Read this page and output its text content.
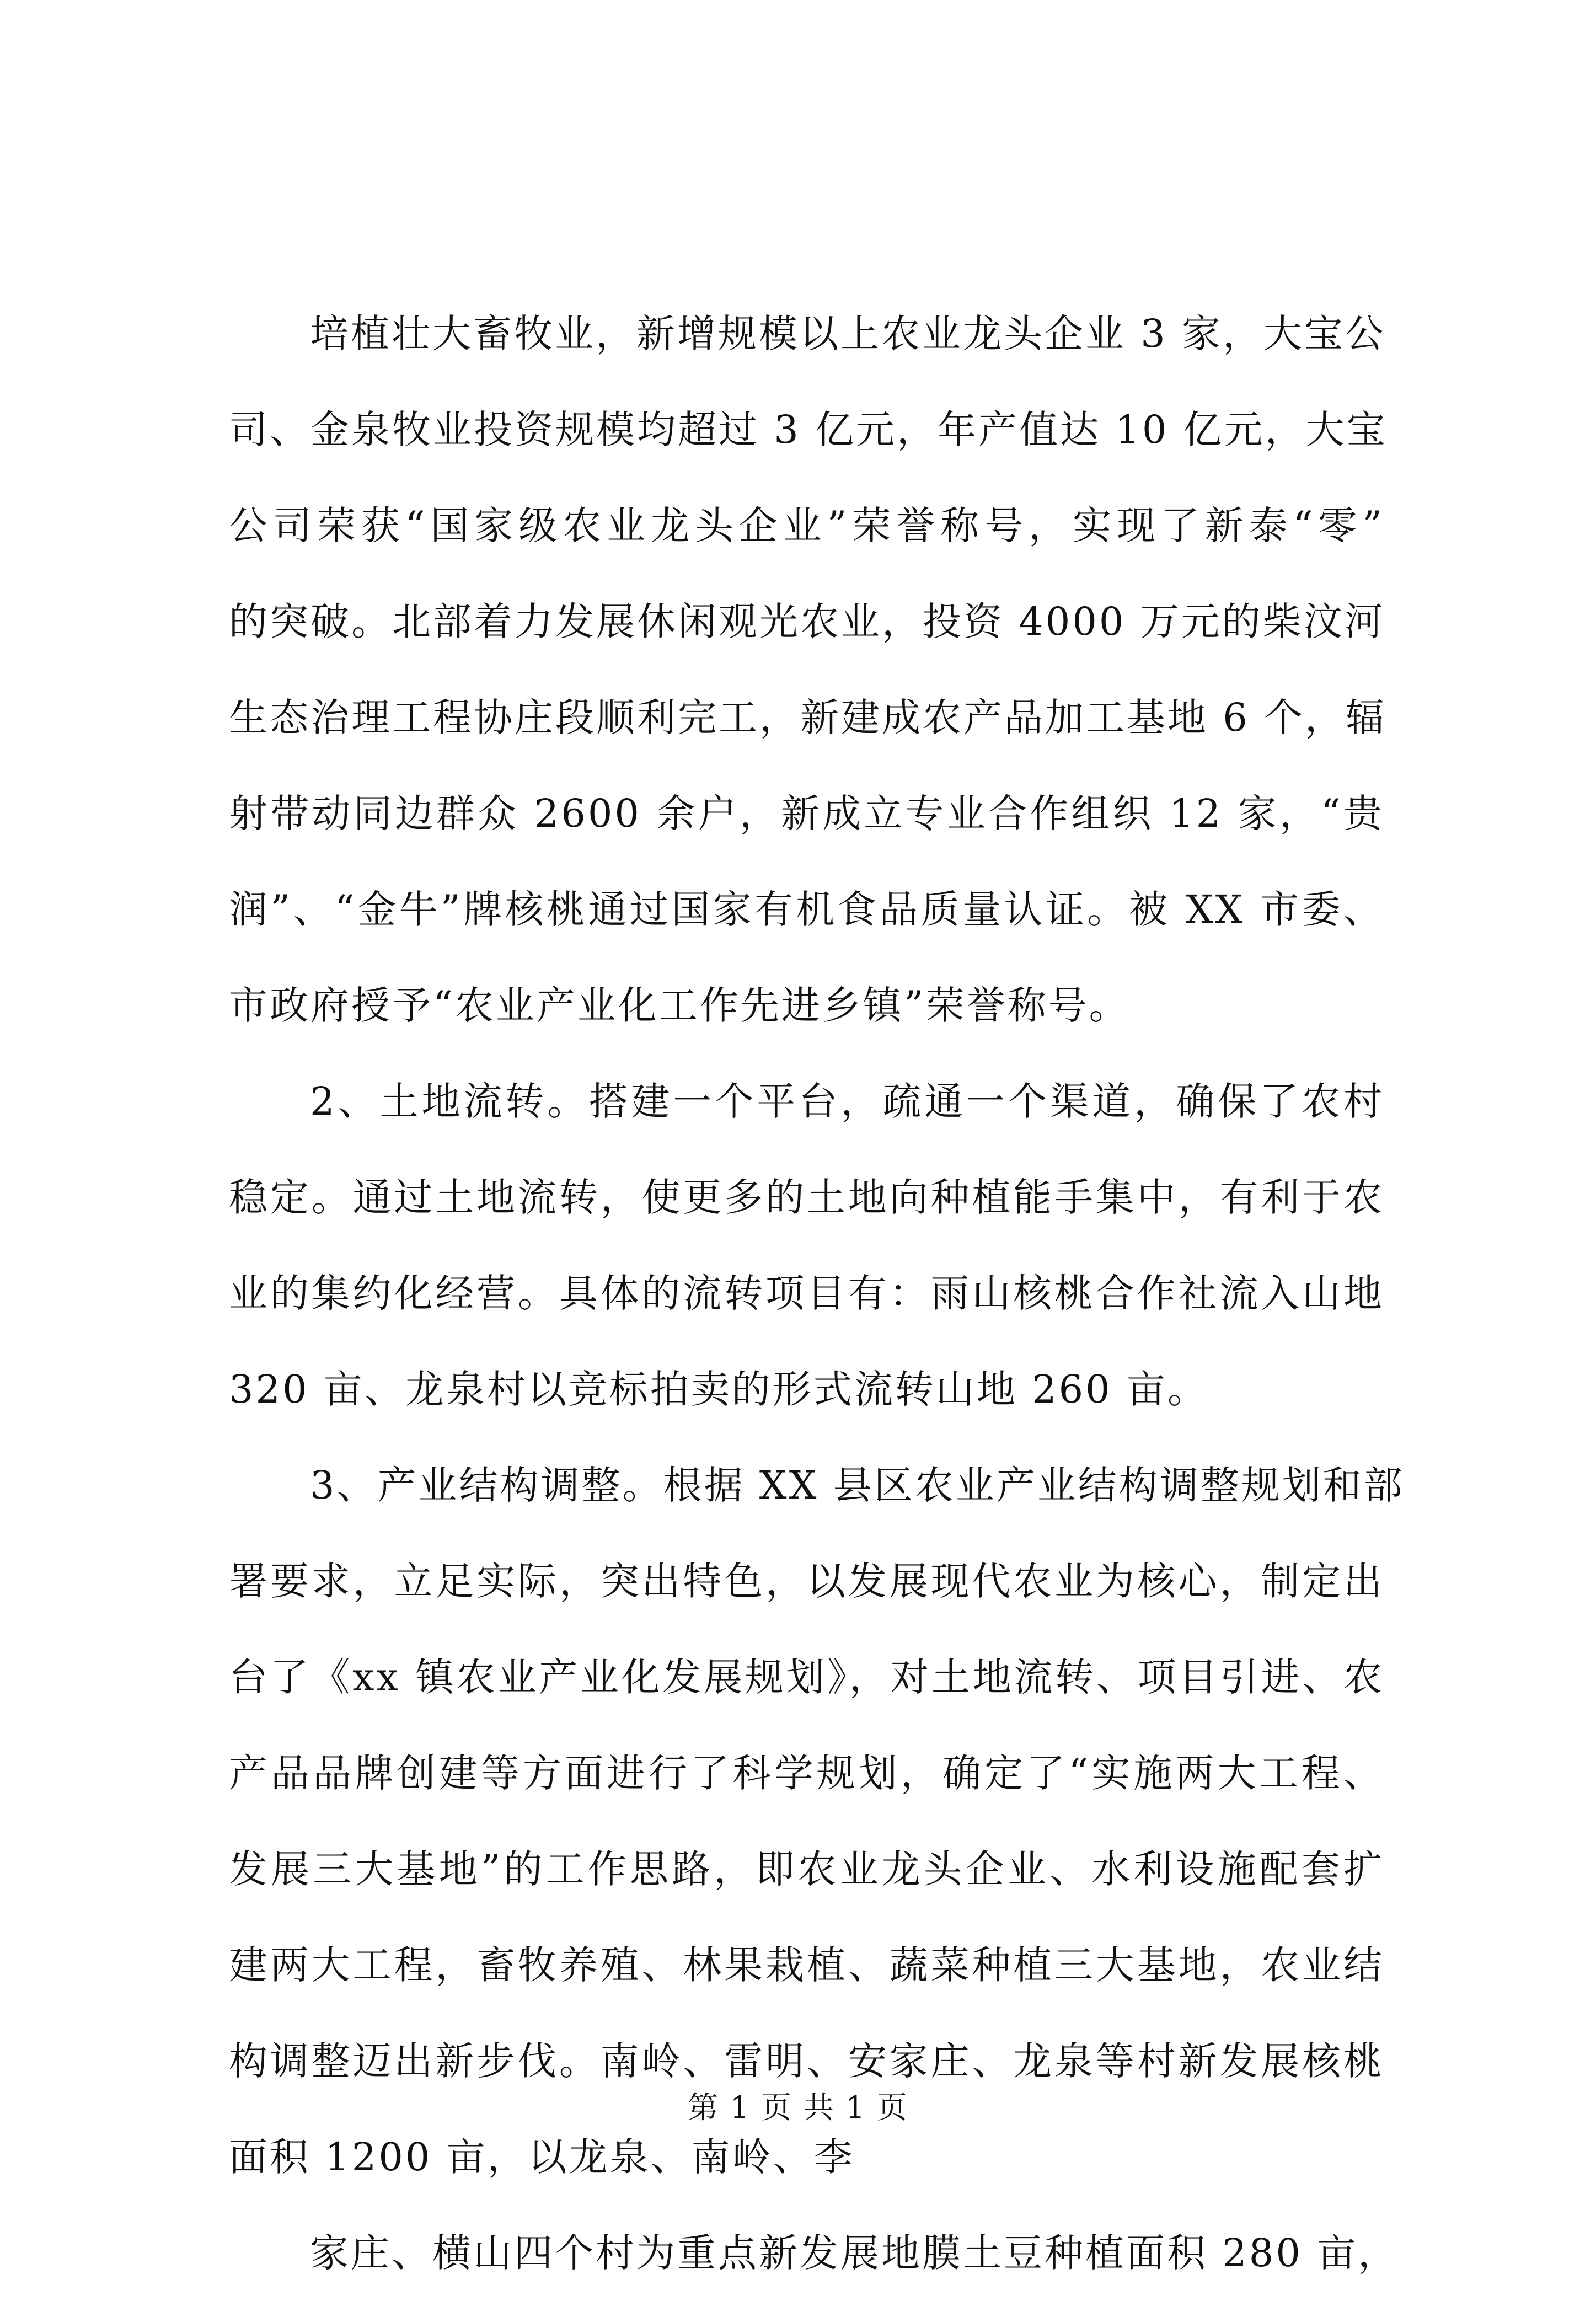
培植壮大畜牧业，新增规模以上农业龙头企业 3 家，大宝公
司、金泉牧业投资规模均超过 3 亿元，年产值达 10 亿元，大宝
公司荣获“国家级农业龙头企业”荣誉称号，实现了新泰“零”
的突破。北部着力发展休闲观光农业，投资 4000 万元的柴汶河
生态治理工程协庄段顺利完工，新建成农产品加工基地 6 个，辐
射带动同边群众 2600 余户，新成立专业合作组织 12 家，“贵
润”、“金牛”牌核桃通过国家有机食品质量认证。被 XX 市委、
市政府授予“农业产业化工作先进乡镇”荣誉称号。
2、土地流转。搭建一个平台，疏通一个渠道，确保了农村
稳定。通过土地流转，使更多的土地向种植能手集中，有利于农
业的集约化经营。具体的流转项目有：雨山核桃合作社流入山地
320 亩、龙泉村以竞标拍卖的形式流转山地 260 亩。
3、产业结构调整。根据 XX 县区农业产业结构调整规划和部
署要求，立足实际，突出特色，以发展现代农业为核心，制定出
台了《xx 镇农业产业化发展规划》，对土地流转、项目引进、农
产品品牌创建等方面进行了科学规划，确定了“实施两大工程、
发展三大基地”的工作思路，即农业龙头企业、水利设施配套扩
建两大工程，畜牧养殖、林果栽植、蔬菜种植三大基地，农业结
构调整迈出新步伐。南岭、雷明、安家庄、龙泉等村新发展核桃
面积 1200 亩，以龙泉、南岭、李
家庄、横山四个村为重点新发展地膜土豆种植面积 280 亩，
第 1 页 共 1 页
